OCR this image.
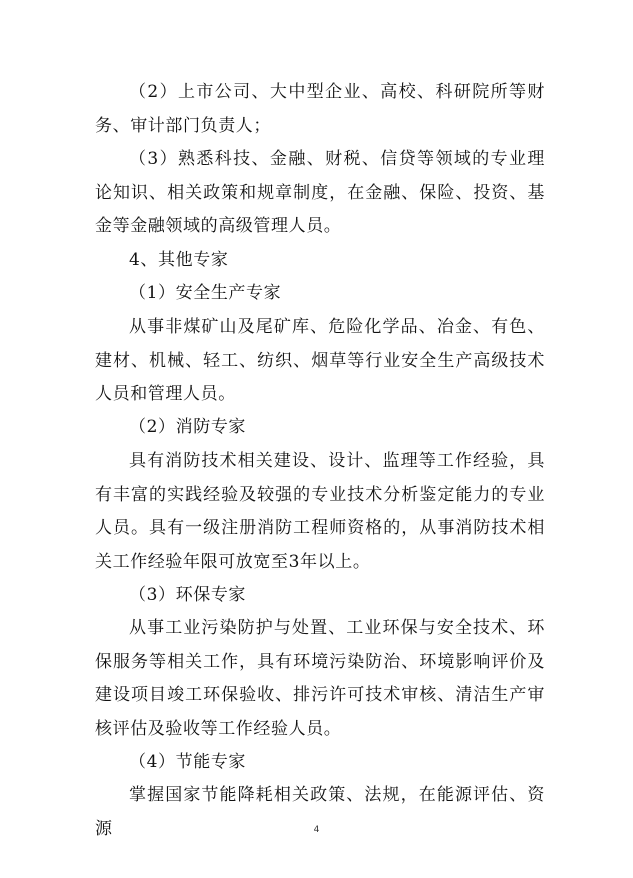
（2）上市公司、大中型企业、高校、科研院所等财务、审计部门负责人；

（3）熟悉科技、金融、财税、信贷等领域的专业理论知识、相关政策和规章制度，在金融、保险、投资、基金等金融领域的高级管理人员。

4、其他专家

（1）安全生产专家

从事非煤矿山及尾矿库、危险化学品、冶金、有色、建材、机械、轻工、纺织、烟草等行业安全生产高级技术人员和管理人员。

（2）消防专家

具有消防技术相关建设、设计、监理等工作经验，具有丰富的实践经验及较强的专业技术分析鉴定能力的专业人员。具有一级注册消防工程师资格的，从事消防技术相关工作经验年限可放宽至3年以上。

（3）环保专家

从事工业污染防护与处置、工业环保与安全技术、环保服务等相关工作，具有环境污染防治、环境影响评价及建设项目竣工环保验收、排污许可技术审核、清洁生产审核评估及验收等工作经验人员。

（4）节能专家

掌握国家节能降耗相关政策、法规，在能源评估、资源	4
